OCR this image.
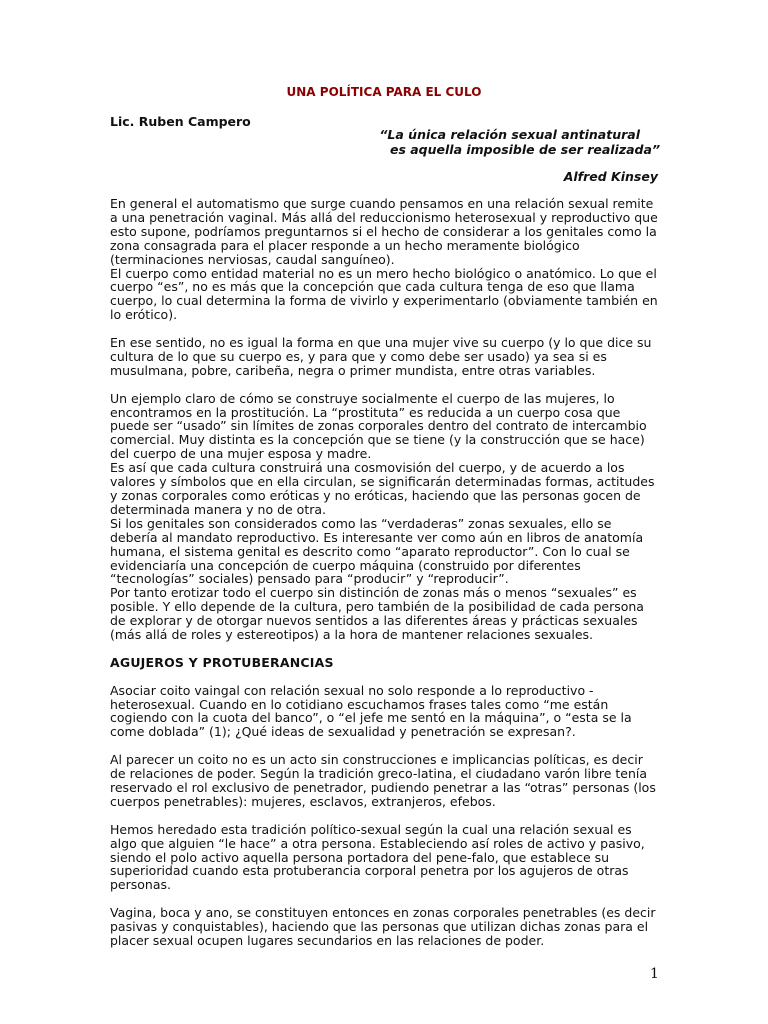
UNA POLÍTICA PARA EL CULO
Lic. Ruben Campero
“La única relación sexual antinatural
es aquella imposible de ser realizada”
Alfred Kinsey

En general el automatismo que surge cuando pensamos en una relación sexual remite a una penetración vaginal. Más allá del reduccionismo heterosexual y reproductivo que esto supone, podríamos preguntarnos si el hecho de considerar a los genitales como la zona consagrada para el placer responde a un hecho meramente biológico (terminaciones nerviosas, caudal sanguíneo).

El cuerpo como entidad material no es un mero hecho biológico o anatómico. Lo que el cuerpo “es”, no es más que la concepción que cada cultura tenga de eso que llama cuerpo, lo cual determina la forma de vivirlo y experimentarlo (obviamente también en lo erótico).

En ese sentido, no es igual la forma en que una mujer vive su cuerpo (y lo que dice su cultura de lo que su cuerpo es, y para que y como debe ser usado) ya sea si es musulmana, pobre, caribeña, negra o primer mundista, entre otras variables.

Un ejemplo claro de cómo se construye socialmente el cuerpo de las mujeres, lo encontramos en la prostitución. La “prostituta” es reducida a un cuerpo cosa que puede ser “usado” sin límites de zonas corporales dentro del contrato de intercambio comercial. Muy distinta es la concepción que se tiene (y la construcción que se hace) del cuerpo de una mujer esposa y madre.

Es así que cada cultura construirá una cosmovisión del cuerpo, y de acuerdo a los valores y símbolos que en ella circulan, se significarán determinadas formas, actitudes y zonas corporales como eróticas y no eróticas, haciendo que las personas gocen de determinada manera y no de otra.

Si los genitales son considerados como las “verdaderas” zonas sexuales, ello se debería al mandato reproductivo. Es interesante ver como aún en libros de anatomía humana, el sistema genital es descrito como “aparato reproductor”. Con lo cual se evidenciaría una concepción de cuerpo máquina (construido por diferentes “tecnologías” sociales) pensado para “producir” y “reproducir”.

Por tanto erotizar todo el cuerpo sin distinción de zonas más o menos “sexuales” es posible. Y ello depende de la cultura, pero también de la posibilidad de cada persona de explorar y de otorgar nuevos sentidos a las diferentes áreas y prácticas sexuales (más allá de roles y estereotipos) a la hora de mantener relaciones sexuales.

AGUJEROS Y PROTUBERANCIAS

Asociar coito vaingal con relación sexual no solo responde a lo reproductivo - heterosexual. Cuando en lo cotidiano escuchamos frases tales como “me están cogiendo con la cuota del banco”, o “el jefe me sentó en la máquina”, o “esta se la come doblada” (1); ¿Qué ideas de sexualidad y penetración se expresan?.

Al parecer un coito no es un acto sin construcciones e implicancias políticas, es decir de relaciones de poder. Según la tradición greco-latina, el ciudadano varón libre tenía reservado el rol exclusivo de penetrador, pudiendo penetrar a las “otras” personas (los cuerpos penetrables): mujeres, esclavos, extranjeros, efebos.

Hemos heredado esta tradición político-sexual según la cual una relación sexual es algo que alguien “le hace” a otra persona. Estableciendo así roles de activo y pasivo, siendo el polo activo aquella persona portadora del pene-falo, que establece su superioridad cuando esta protuberancia corporal penetra por los agujeros de otras personas.

Vagina, boca y ano, se constituyen entonces en zonas corporales penetrables (es decir pasivas y conquistables), haciendo que las personas que utilizan dichas zonas para el placer sexual ocupen lugares secundarios en las relaciones de poder.

1
